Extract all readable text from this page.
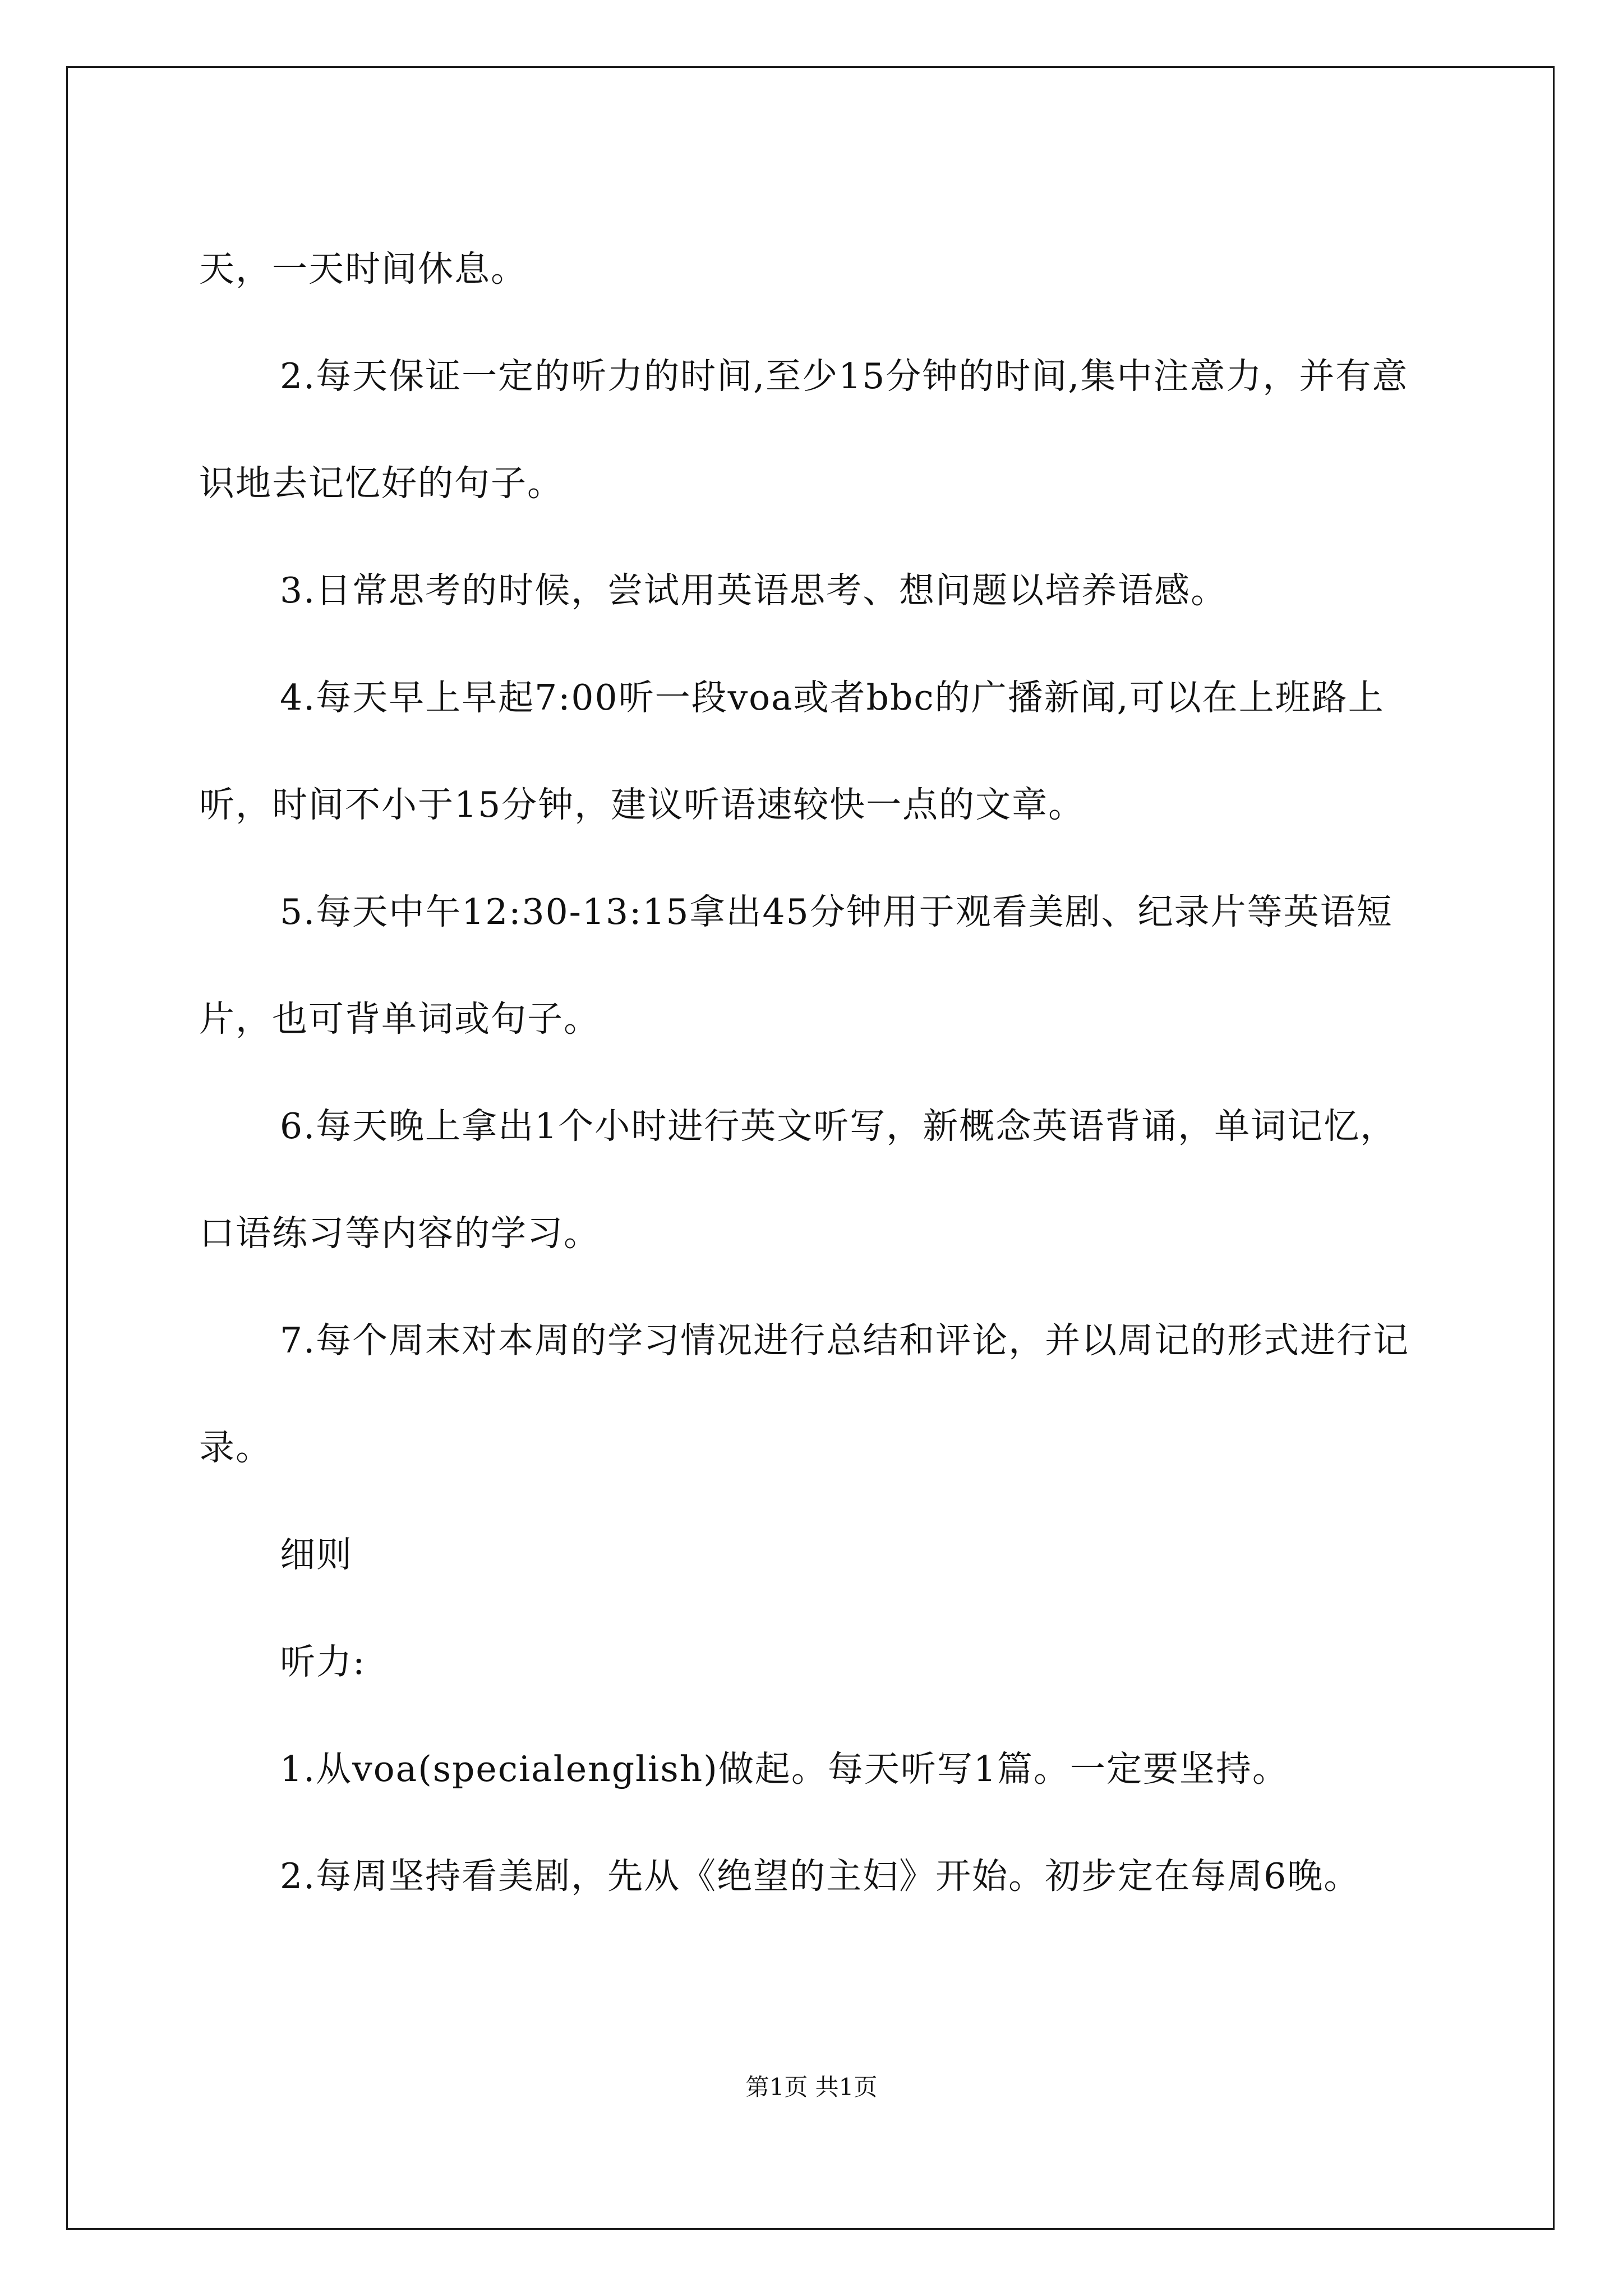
天，一天时间休息。

2.每天保证一定的听力的时间,至少15分钟的时间,集中注意力，并有意识地去记忆好的句子。

3.日常思考的时候，尝试用英语思考、想问题以培养语感。

4.每天早上早起7:00听一段voa或者bbc的广播新闻,可以在上班路上听，时间不小于15分钟，建议听语速较快一点的文章。

5.每天中午12:30-13:15拿出45分钟用于观看美剧、纪录片等英语短片，也可背单词或句子。

6.每天晚上拿出1个小时进行英文听写，新概念英语背诵，单词记忆，口语练习等内容的学习。

7.每个周末对本周的学习情况进行总结和评论，并以周记的形式进行记录。

细则

听力:

1.从voa(specialenglish)做起。每天听写1篇。一定要坚持。

2.每周坚持看美剧，先从《绝望的主妇》开始。初步定在每周6晚。

第1页 共1页
